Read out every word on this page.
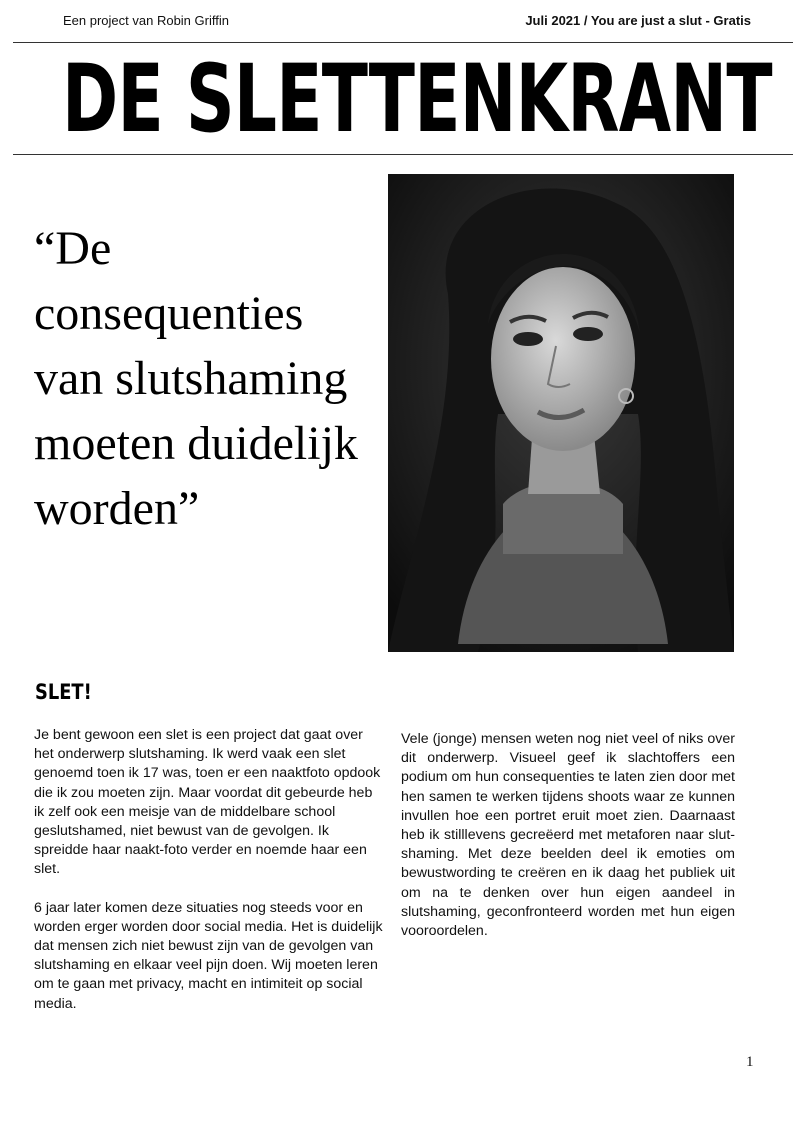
Een project van Robin Griffin	Juli 2021 / You are just a slut - Gratis
DE SLETTENKRANT
“De consequenties van slutshaming moeten duidelijk worden”
SLET!

Je bent gewoon een slet is een project dat gaat over het onderwerp slutshaming. Ik werd vaak een slet genoemd toen ik 17 was, toen er een naaktfoto opdook die ik zou moeten zijn. Maar voordat dit gebeurde heb ik zelf ook een meisje van de middelbare school geslutshamed, niet bewust van de gevolgen. Ik spreidde haar naakt-foto verder en noemde haar een slet.

6 jaar later komen deze situaties nog steeds voor en worden erger worden door social media. Het is duidelijk dat mensen zich niet bewust zijn van de gevolgen van slutshaming en elkaar veel pijn doen. Wij moeten leren om te gaan met privacy, macht en intimiteit op social media.

Vele (jonge) mensen weten nog niet veel of niks over dit onderwerp. Visueel geef ik slachtoffers een podium om hun consequenties te laten zien door met hen samen te werken tijdens shoots waar ze kunnen invullen hoe een portret eruit moet zien. Daarnaast heb ik stilllevens gecreëerd met metaforen naar slut-shaming. Met deze beelden deel ik emoties om bewustwording te creëren en ik daag het publiek uit om na te denken over hun eigen aandeel in slutshaming, geconfronteerd worden met hun eigen vooroordelen.

1
